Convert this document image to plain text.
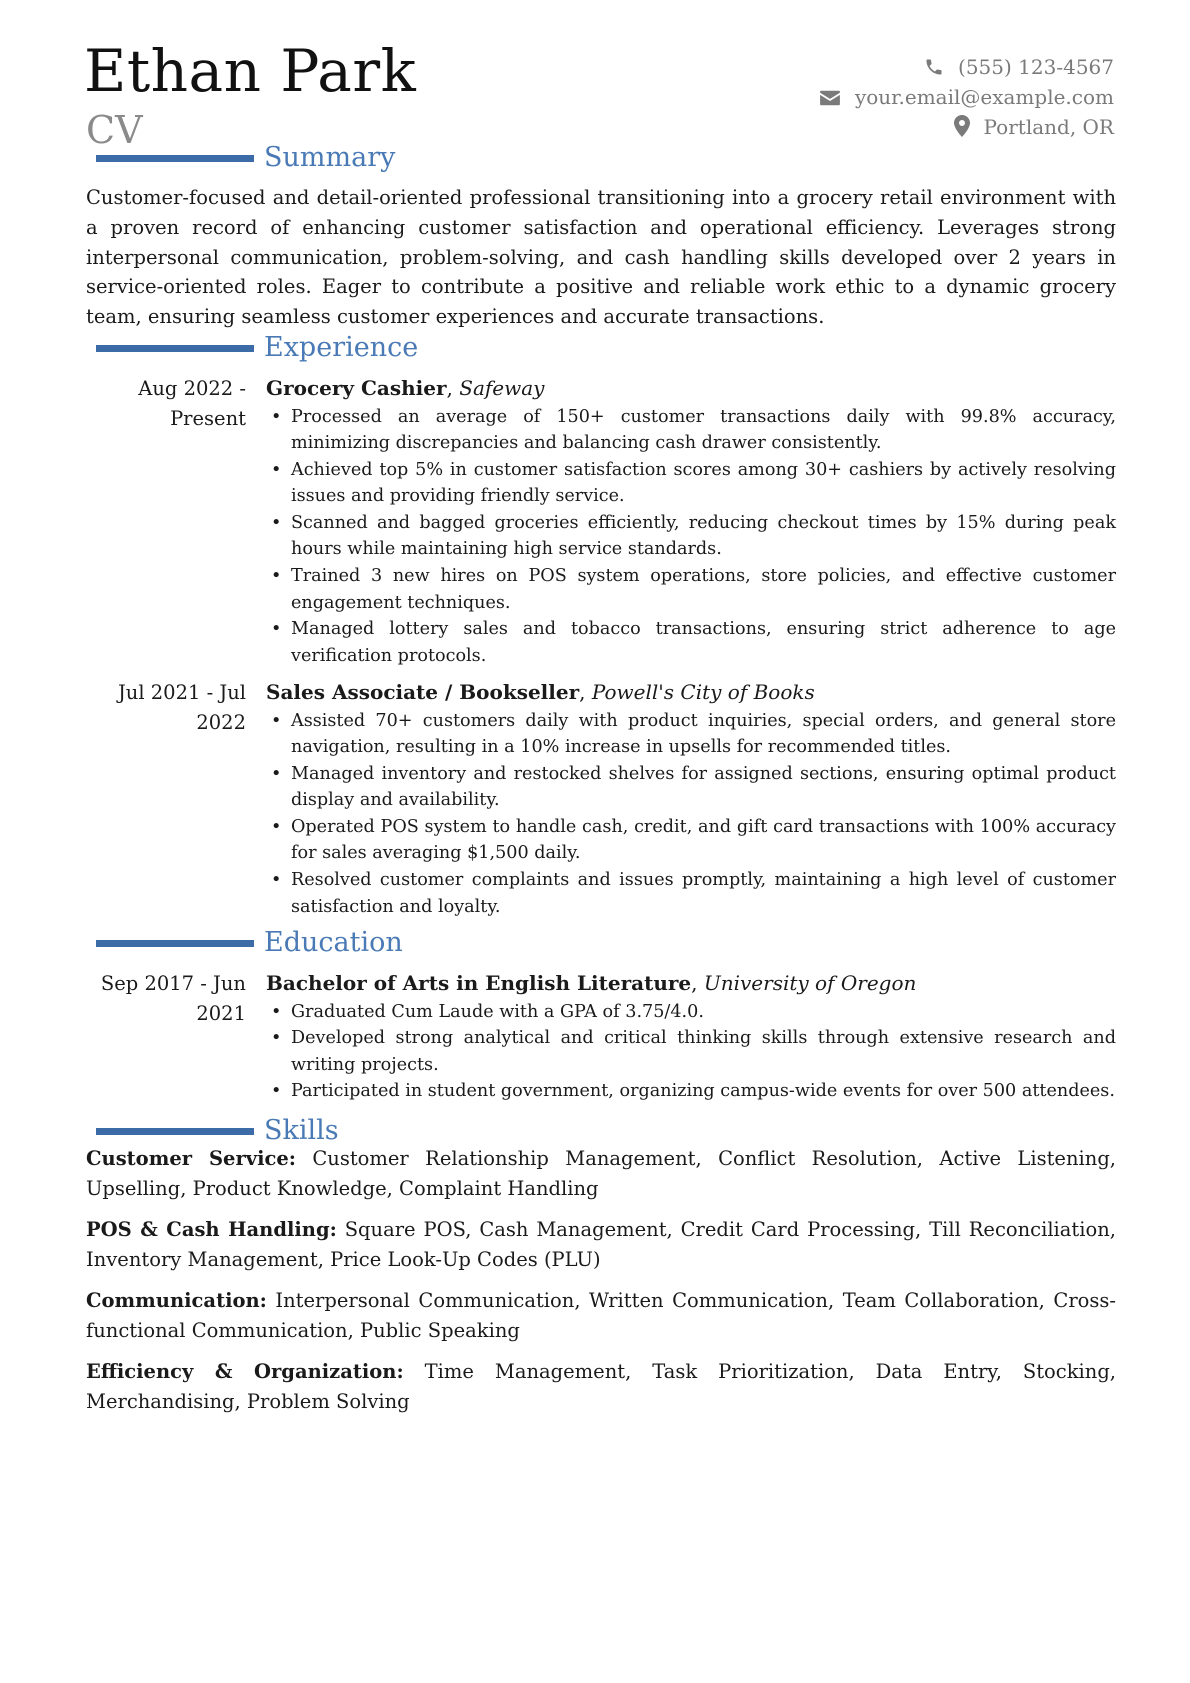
Ethan Park
CV
(555) 123-4567
your.email@example.com
Portland, OR
Summary
Customer-focused and detail-oriented professional transitioning into a grocery retail environment with a proven record of enhancing customer satisfaction and operational efficiency. Leverages strong interpersonal communication, problem-solving, and cash handling skills developed over 2 years in service-oriented roles. Eager to contribute a positive and reliable work ethic to a dynamic grocery team, ensuring seamless customer experiences and accurate transactions.
Experience
Aug 2022 - Present
Grocery Cashier, Safeway
• Processed an average of 150+ customer transactions daily with 99.8% accuracy, minimizing discrepancies and balancing cash drawer consistently.
• Achieved top 5% in customer satisfaction scores among 30+ cashiers by actively resolving issues and providing friendly service.
• Scanned and bagged groceries efficiently, reducing checkout times by 15% during peak hours while maintaining high service standards.
• Trained 3 new hires on POS system operations, store policies, and effective customer engagement techniques.
• Managed lottery sales and tobacco transactions, ensuring strict adherence to age verification protocols.
Jul 2021 - Jul 2022
Sales Associate / Bookseller, Powell's City of Books
• Assisted 70+ customers daily with product inquiries, special orders, and general store navigation, resulting in a 10% increase in upsells for recommended titles.
• Managed inventory and restocked shelves for assigned sections, ensuring optimal product display and availability.
• Operated POS system to handle cash, credit, and gift card transactions with 100% accuracy for sales averaging $1,500 daily.
• Resolved customer complaints and issues promptly, maintaining a high level of customer satisfaction and loyalty.
Education
Sep 2017 - Jun 2021
Bachelor of Arts in English Literature, University of Oregon
• Graduated Cum Laude with a GPA of 3.75/4.0.
• Developed strong analytical and critical thinking skills through extensive research and writing projects.
• Participated in student government, organizing campus-wide events for over 500 attendees.
Skills
Customer Service: Customer Relationship Management, Conflict Resolution, Active Listening, Upselling, Product Knowledge, Complaint Handling
POS & Cash Handling: Square POS, Cash Management, Credit Card Processing, Till Reconciliation, Inventory Management, Price Look-Up Codes (PLU)
Communication: Interpersonal Communication, Written Communication, Team Collaboration, Cross-functional Communication, Public Speaking
Efficiency & Organization: Time Management, Task Prioritization, Data Entry, Stocking, Merchandising, Problem Solving
